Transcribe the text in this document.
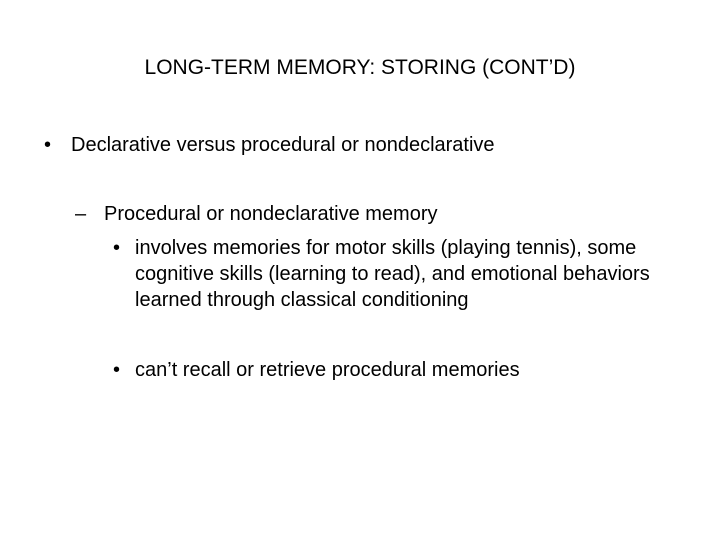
LONG-TERM MEMORY: STORING (CONT’D)
• Declarative versus procedural or nondeclarative
– Procedural or nondeclarative memory
• involves memories for motor skills (playing tennis), some cognitive skills (learning to read), and emotional behaviors learned through classical conditioning
• can’t recall or retrieve procedural memories
